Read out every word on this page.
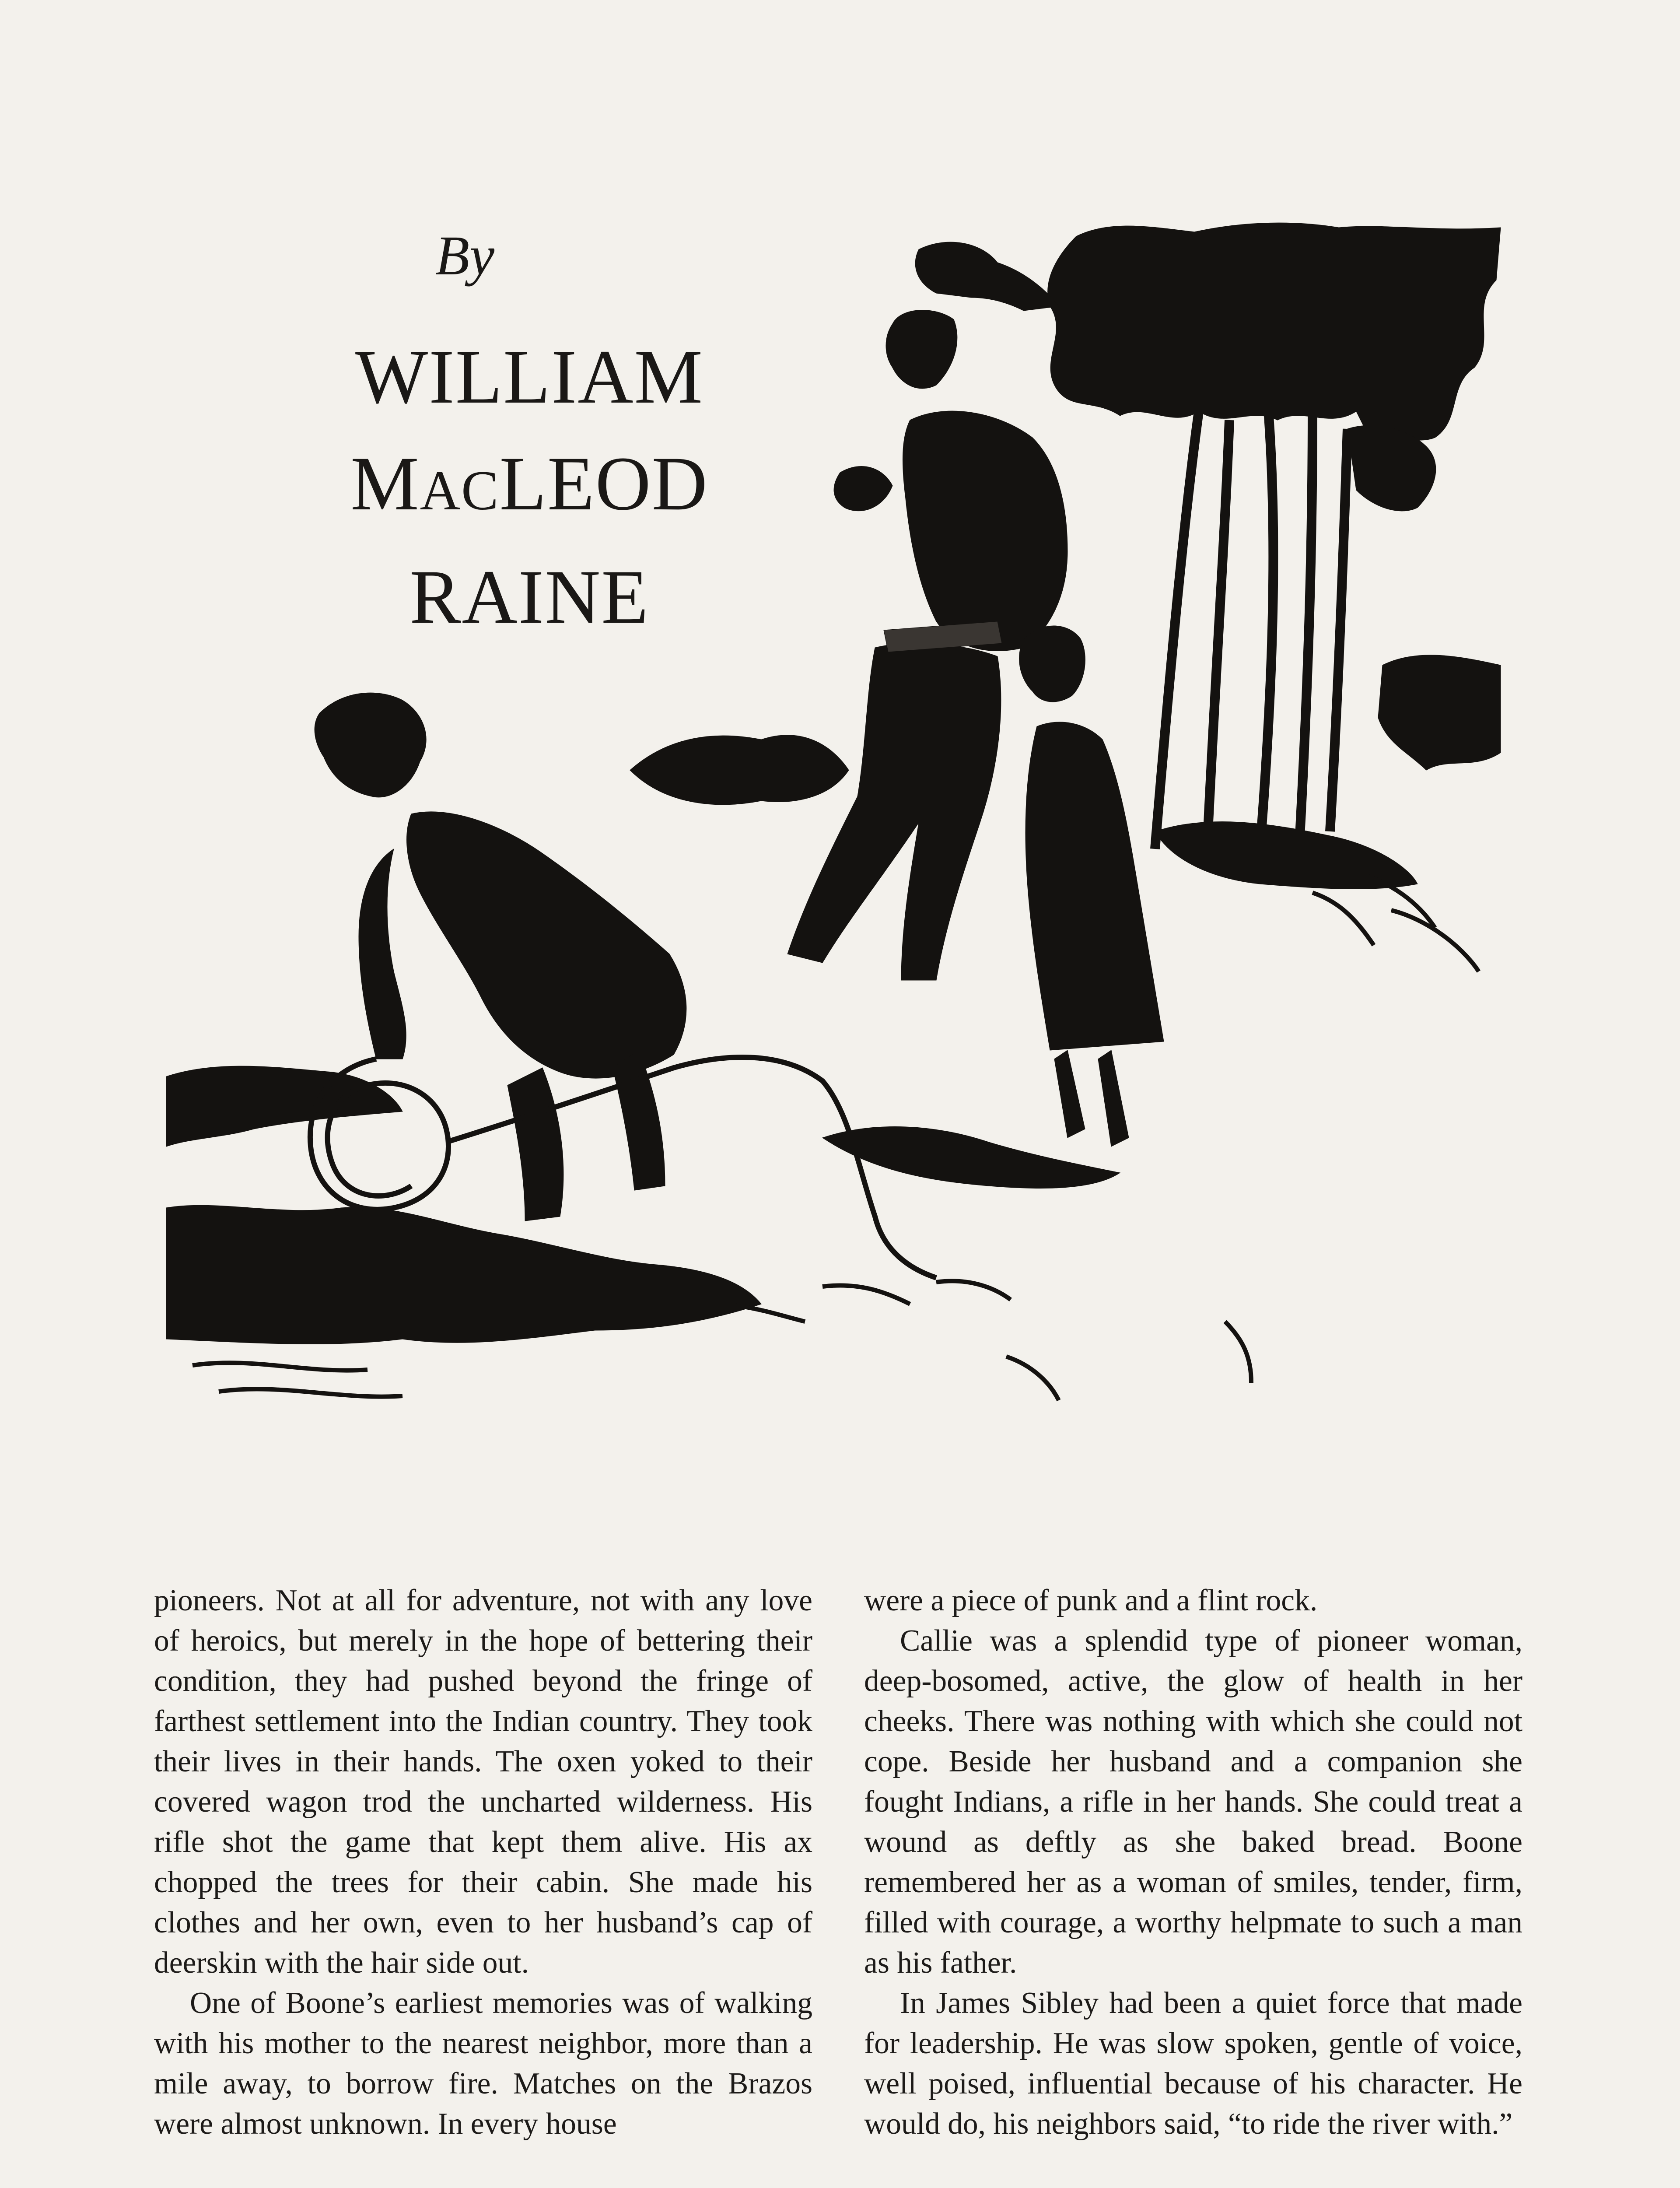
By
WILLIAM
MACLEOD
RAINE

pioneers. Not at all for adventure, not with any love of heroics, but merely in the hope of bettering their condition, they had pushed beyond the fringe of farthest settlement into the Indian country. They took their lives in their hands. The oxen yoked to their covered wagon trod the uncharted wilderness. His rifle shot the game that kept them alive. His ax chopped the trees for their cabin. She made his clothes and her own, even to her husband’s cap of deerskin with the hair side out.

One of Boone’s earliest memories was of walking with his mother to the nearest neighbor, more than a mile away, to borrow fire. Matches on the Brazos were almost unknown. In every house

were a piece of punk and a flint rock.

Callie was a splendid type of pioneer woman, deep-bosomed, active, the glow of health in her cheeks. There was nothing with which she could not cope. Beside her husband and a companion she fought Indians, a rifle in her hands. She could treat a wound as deftly as she baked bread. Boone remembered her as a woman of smiles, tender, firm, filled with courage, a worthy helpmate to such a man as his father.

In James Sibley had been a quiet force that made for leadership. He was slow spoken, gentle of voice, well poised, influential because of his character. He would do, his neighbors said, “to ride the river with.”
